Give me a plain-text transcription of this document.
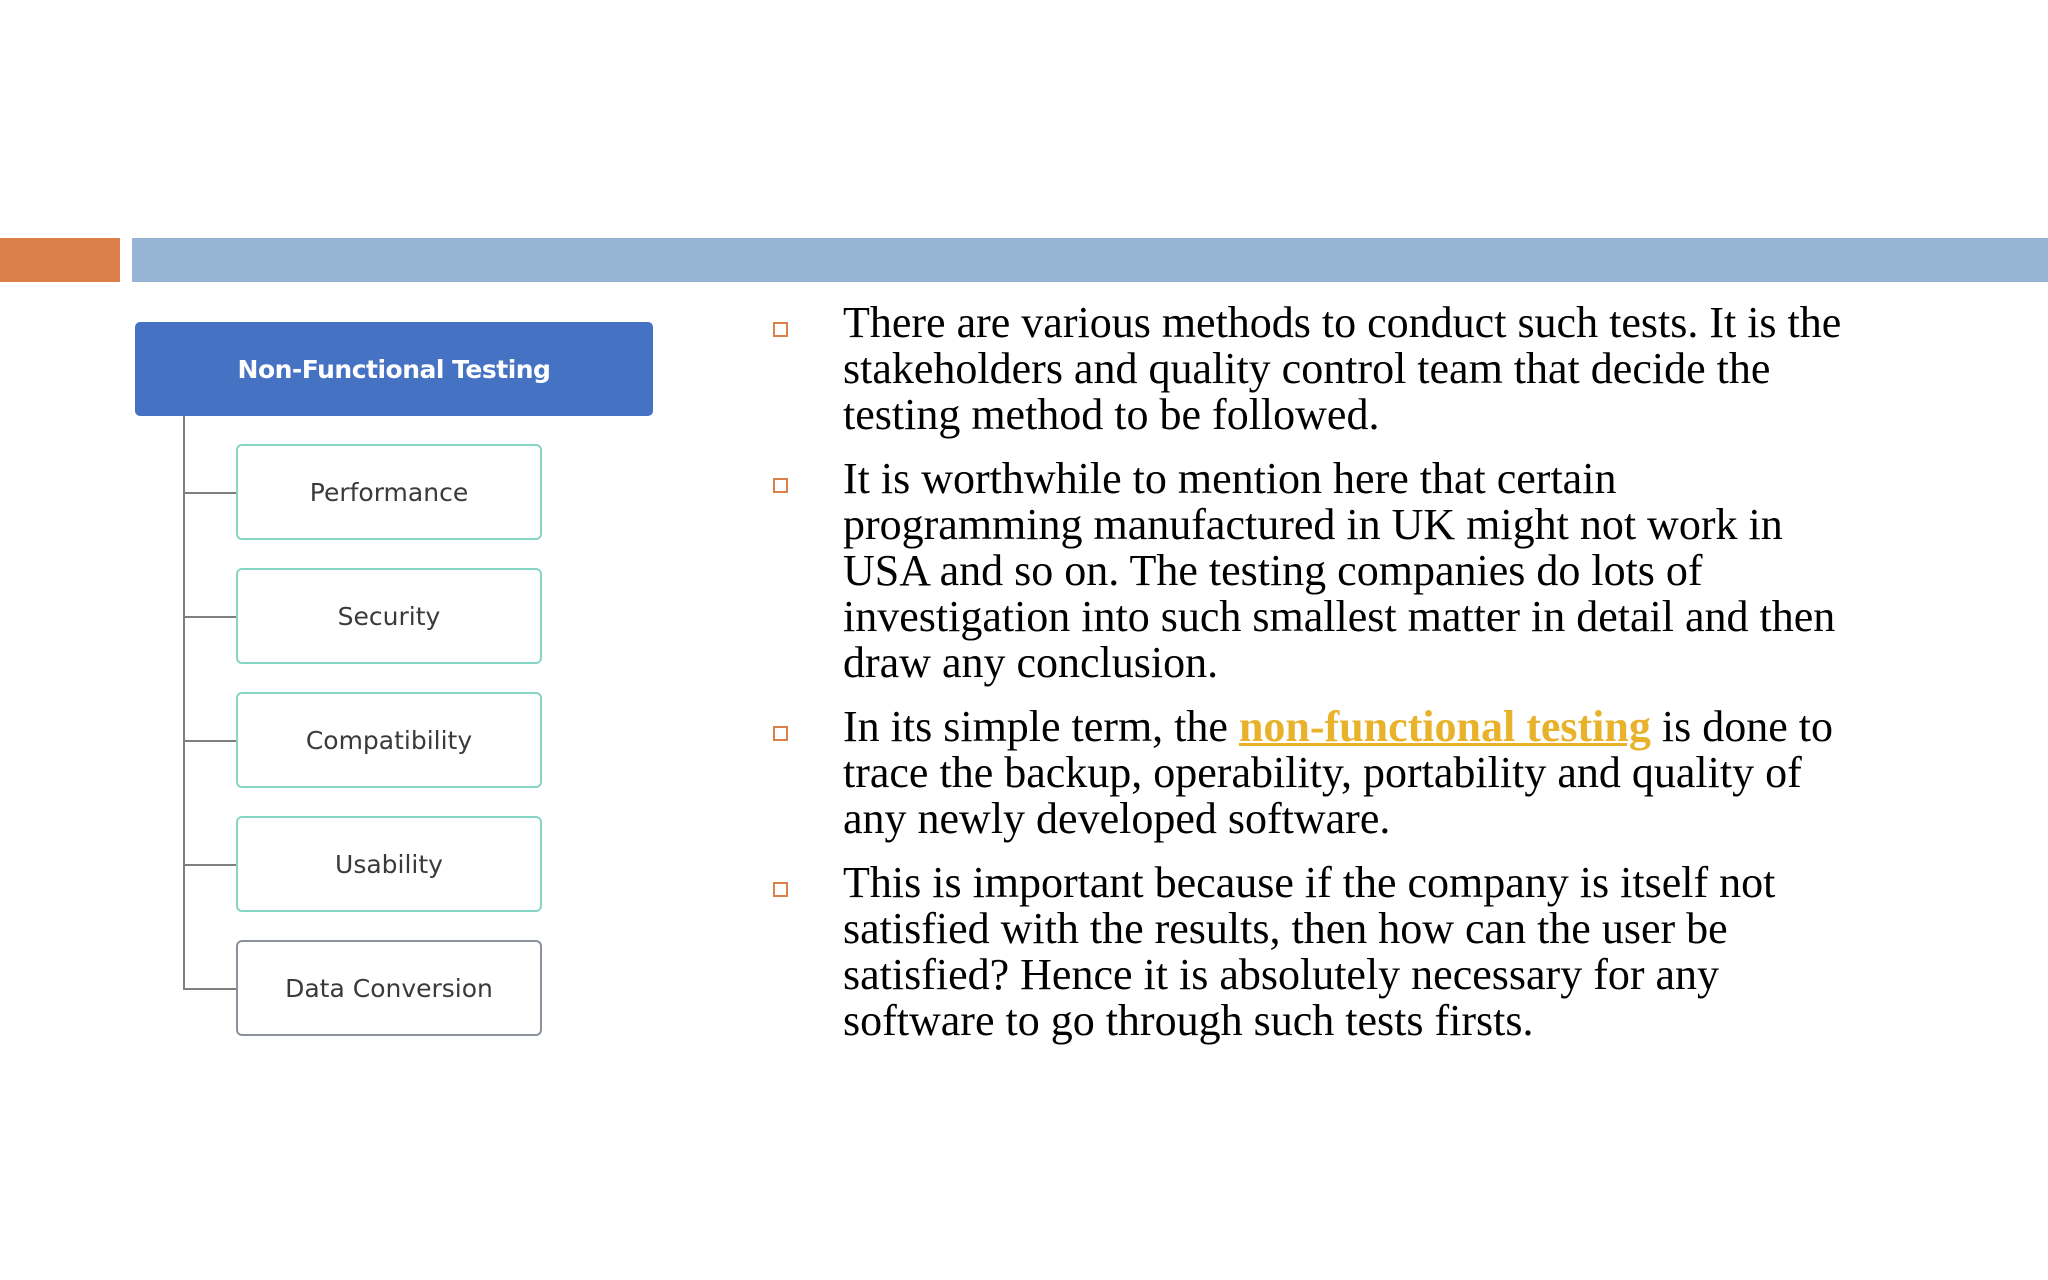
Non-Functional Testing
Performance
Security
Compatibility
Usability
Data Conversion

There are various methods to conduct such tests. It is the
stakeholders and quality control team that decide the
testing method to be followed.

It is worthwhile to mention here that certain
programming manufactured in UK might not work in
USA and so on. The testing companies do lots of
investigation into such smallest matter in detail and then
draw any conclusion.

In its simple term, the non-functional testing is done to
trace the backup, operability, portability and quality of
any newly developed software.

This is important because if the company is itself not
satisfied with the results, then how can the user be
satisfied? Hence it is absolutely necessary for any
software to go through such tests firsts.
